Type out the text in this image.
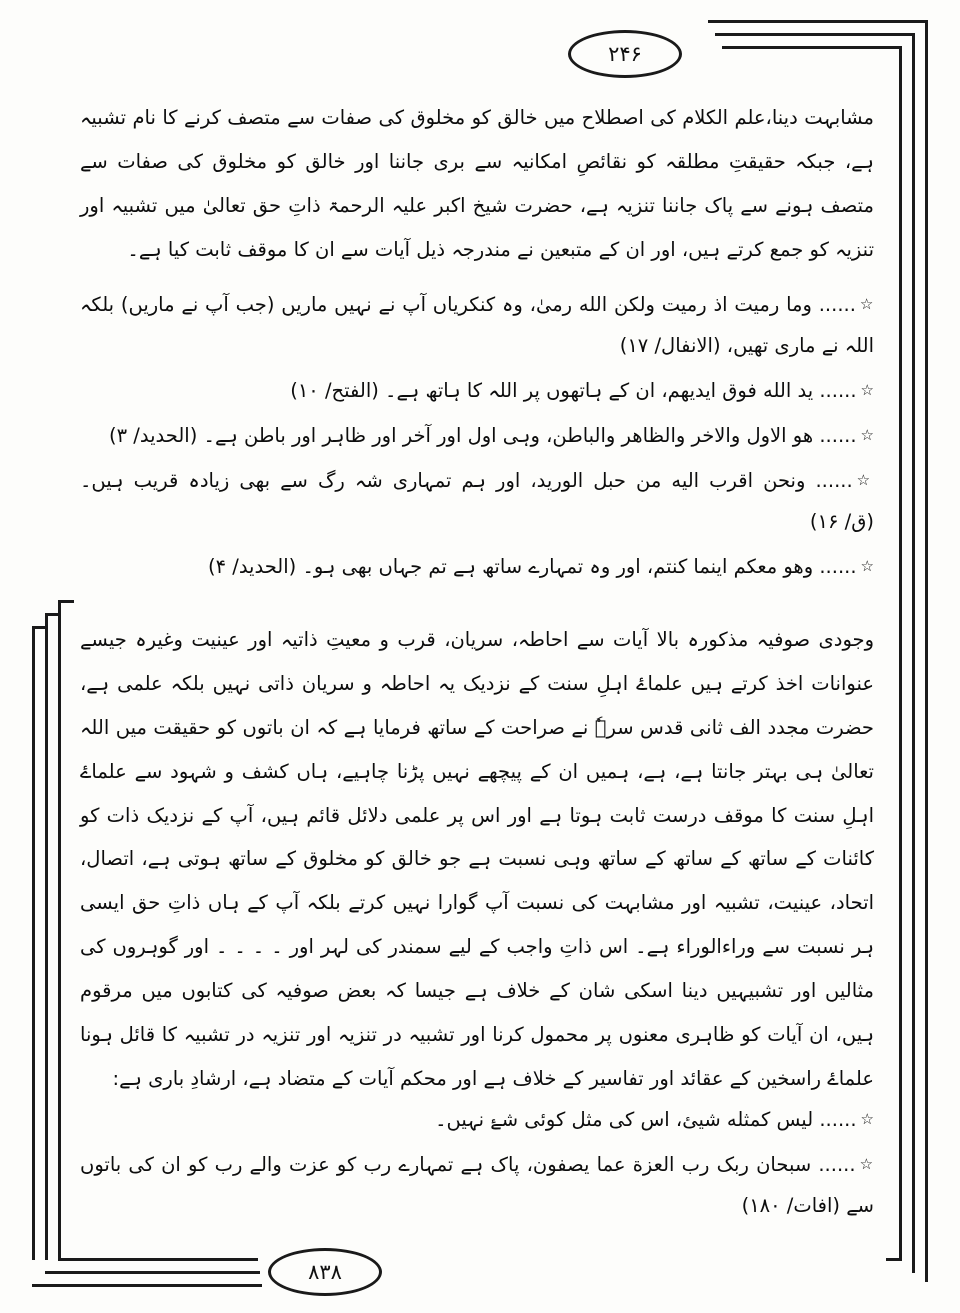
۲۴۶
۸۳۸
مشابہت دینا،علم الکلام کی اصطلاح میں خالق کو مخلوق کی صفات سے متصف کرنے کا نام تشبیہ ہے، جبکہ حقیقتِ مطلقہ کو نقائصِ امکانیہ سے بری جاننا اور خالق کو مخلوق کی صفات سے متصف ہونے سے پاک جاننا تنزیہ ہے، حضرت شیخ اکبر علیہ الرحمۃ ذاتِ حق تعالیٰ میں تشبیہ اور تنزیہ کو جمع کرتے ہیں، اور ان کے متبعین نے مندرجہ ذیل آیات سے ان کا موقف ثابت کیا ہے۔
☆...... وما رميت اذ رميت ولكن الله رمىٰ، وہ کنکریاں آپ نے نہیں ماریں (جب آپ نے ماریں) بلکہ اللہ نے ماری تھیں، (الانفال/ ۱۷)
☆...... يد الله فوق ايديهم، ان کے ہاتھوں پر اللہ کا ہاتھ ہے۔ (الفتح/ ۱۰)
☆...... هو الاول والاخر والظاهر والباطن، وہی اول اور آخر اور ظاہر اور باطن ہے۔ (الحدید/ ۳)
☆...... ونحن اقرب اليه من حبل الوريد، اور ہم تمہاری شہ رگ سے بھی زیادہ قریب ہیں۔ (ق/ ۱۶)
☆...... وهو معكم اينما كنتم، اور وہ تمہارے ساتھ ہے تم جہاں بھی ہو۔ (الحدید/ ۴)
وجودی صوفیہ مذکورہ بالا آیات سے احاطہ، سریان، قرب و معیتِ ذاتیہ اور عینیت وغیرہ جیسے عنوانات اخذ کرتے ہیں علماۓ اہلِ سنت کے نزدیک یہ احاطہ و سریان ذاتی نہیں بلکہ علمی ہے، حضرت مجدد الف ثانی قدس سرہٗ نے صراحت کے ساتھ فرمایا ہے کہ ان باتوں کو حقیقت میں اللہ تعالیٰ ہی بہتر جانتا ہے، ہے، ہمیں ان کے پیچھے نہیں پڑنا چاہیے، ہاں کشف و شہود سے علماۓ اہلِ سنت کا موقف درست ثابت ہوتا ہے اور اس پر علمی دلائل قائم ہیں، آپ کے نزدیک ذات کو کائنات کے ساتھ کے ساتھ کے ساتھ وہی نسبت ہے جو خالق کو مخلوق کے ساتھ ہوتی ہے، اتصال، اتحاد، عینیت، تشبیہ اور مشابہت کی نسبت آپ گوارا نہیں کرتے بلکہ آپ کے ہاں ذاتِ حق ایسی ہر نسبت سے وراءالوراء ہے۔ اس ذاتِ واجب کے لیے سمندر کی لہر اور ۔ ۔ ۔ ۔ اور گوہروں کی مثالیں اور تشبیہیں دینا اسکی شان کے خلاف ہے جیسا کہ بعض صوفیہ کی کتابوں میں مرقوم ہیں، ان آیات کو ظاہری معنوں پر محمول کرنا اور تشبیہ در تنزیہ اور تنزیہ در تشبیہ کا قائل ہونا علماۓ راسخین کے عقائد اور تفاسیر کے خلاف ہے اور محکم آیات کے متضاد ہے، ارشادِ باری ہے:
☆...... ليس كمثله شیئ، اس کی مثل کوئی شۓ نہیں۔
☆...... سبحان ربک رب العزة عما يصفون، پاک ہے تمہارے رب کو عزت والے رب کو ان کی باتوں سے (افات/ ۱۸۰)
